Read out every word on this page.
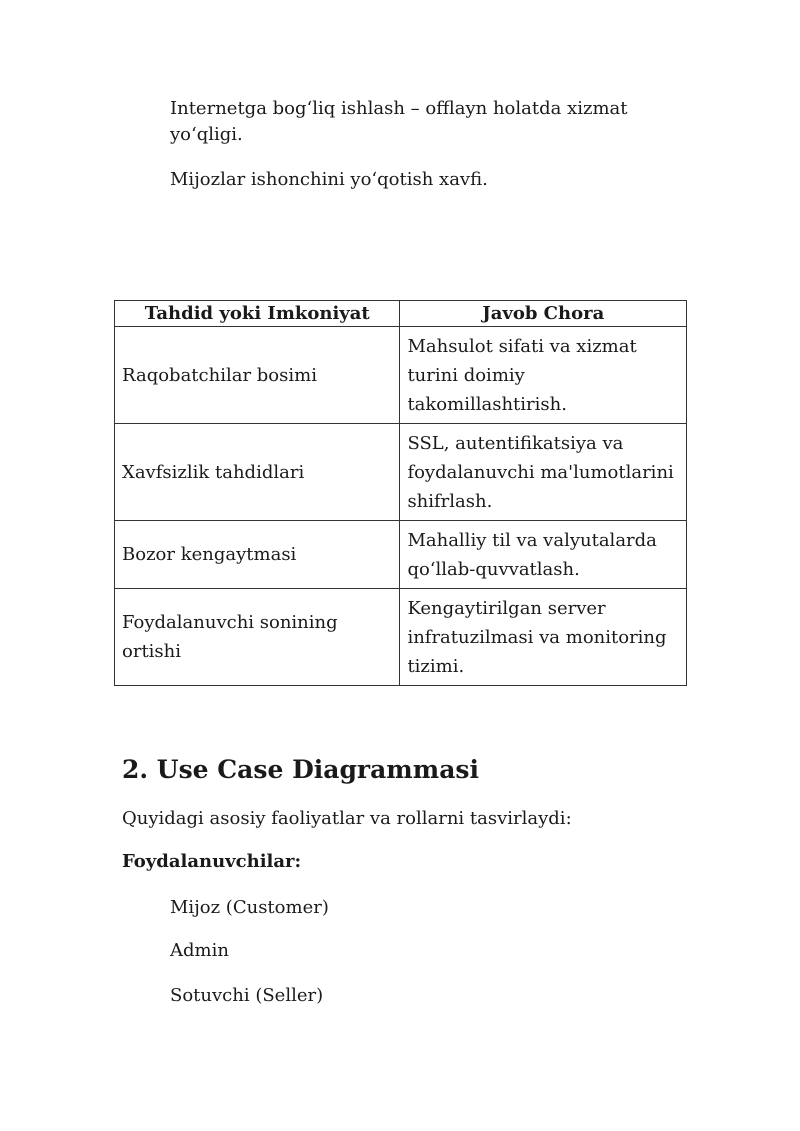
Internetga bog‘liq ishlash – offlayn holatda xizmat yo‘qligi.

Mijozlar ishonchini yo‘qotish xavfi.

Tahdid yoki Imkoniyat	Javob Chora
Raqobatchilar bosimi	Mahsulot sifati va xizmat turini doimiy takomillashtirish.
Xavfsizlik tahdidlari	SSL, autentifikatsiya va foydalanuvchi ma'lumotlarini shifrlash.
Bozor kengaytmasi	Mahalliy til va valyutalarda qo‘llab-quvvatlash.
Foydalanuvchi sonining ortishi	Kengaytirilgan server infratuzilmasi va monitoring tizimi.
2. Use Case Diagrammasi

Quyidagi asosiy faoliyatlar va rollarni tasvirlaydi:

Foydalanuvchilar:

Mijoz (Customer)

Admin

Sotuvchi (Seller)
